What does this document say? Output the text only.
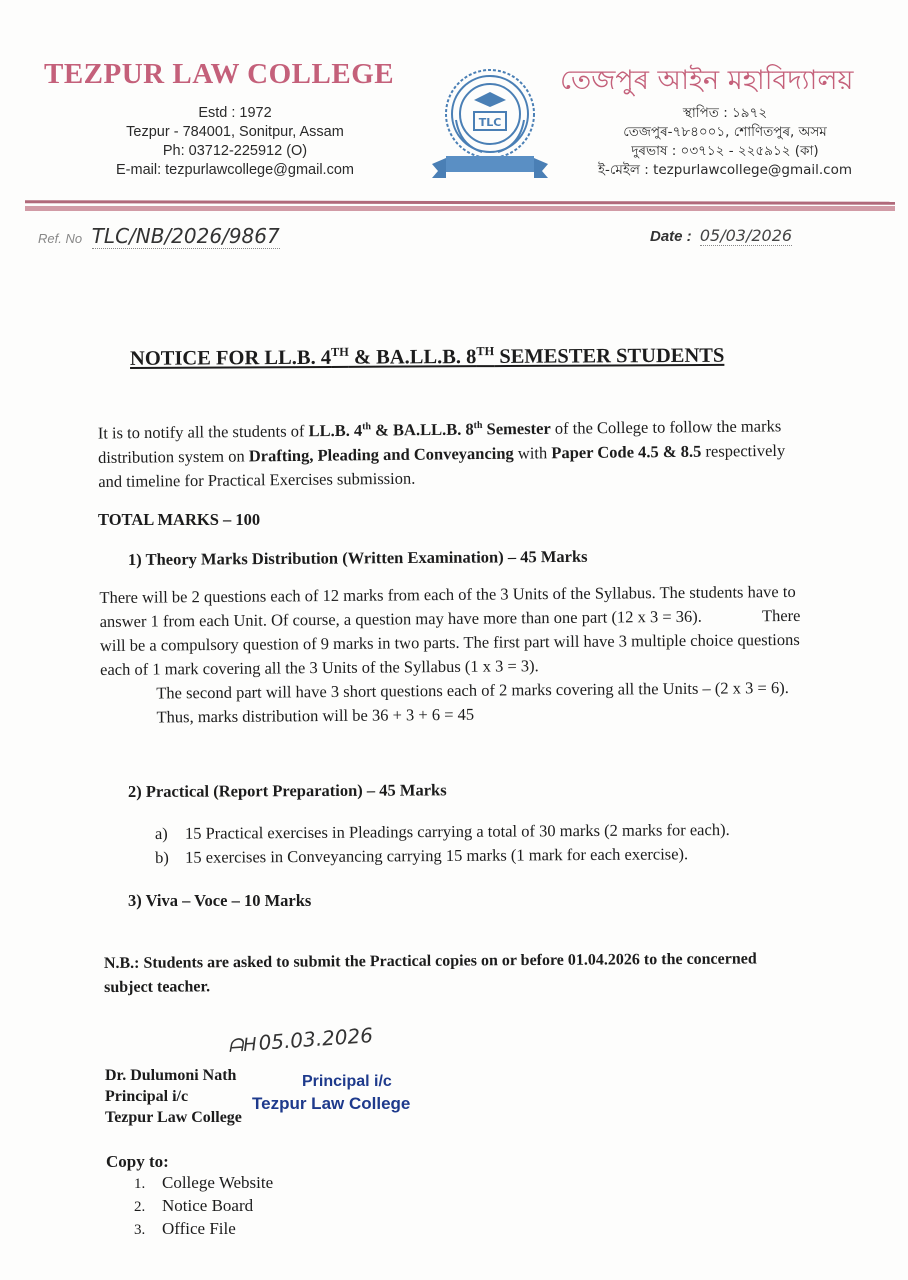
TEZPUR LAW COLLEGE
Estd : 1972
Tezpur - 784001, Sonitpur, Assam
Ph: 03712-225912 (O)
E-mail: tezpurlawcollege@gmail.com
TLC
তেজপুৰ আইন মহাবিদ্যালয়
স্থাপিত : ১৯৭২
তেজপুৰ-৭৮৪০০১, শোণিতপুৰ, অসম
দুৰভাষ : ০৩৭১২ - ২২৫৯১২ (কা)
ই-মেইল : tezpurlawcollege@gmail.com
Ref. No TLC/NB/2026/9867	Date : 05/03/2026
NOTICE FOR LL.B. 4TH & BA.LL.B. 8TH SEMESTER STUDENTS
It is to notify all the students of LL.B. 4th & BA.LL.B. 8th Semester of the College to follow the marks distribution system on Drafting, Pleading and Conveyancing with Paper Code 4.5 & 8.5 respectively and timeline for Practical Exercises submission.
TOTAL MARKS – 100
1) Theory Marks Distribution (Written Examination) – 45 Marks
There will be 2 questions each of 12 marks from each of the 3 Units of the Syllabus. The students have to answer 1 from each Unit. Of course, a question may have more than one part (12 x 3 = 36).	There will be a compulsory question of 9 marks in two parts. The first part will have 3 multiple choice questions each of 1 mark covering all the 3 Units of the Syllabus (1 x 3 = 3).
The second part will have 3 short questions each of 2 marks covering all the Units – (2 x 3 = 6).
Thus, marks distribution will be 36 + 3 + 6 = 45
2) Practical (Report Preparation) – 45 Marks
a) 15 Practical exercises in Pleadings carrying a total of 30 marks (2 marks for each).
b) 15 exercises in Conveyancing carrying 15 marks (1 mark for each exercise).
3) Viva – Voce – 10 Marks
N.B.: Students are asked to submit the Practical copies on or before 01.04.2026 to the concerned subject teacher.
ᗩᕼ05.03.2026
Dr. Dulumoni Nath
Principal i/c
Tezpur Law College
Principal i/c
Tezpur Law College
Copy to:
1. College Website
2. Notice Board
3. Office File
